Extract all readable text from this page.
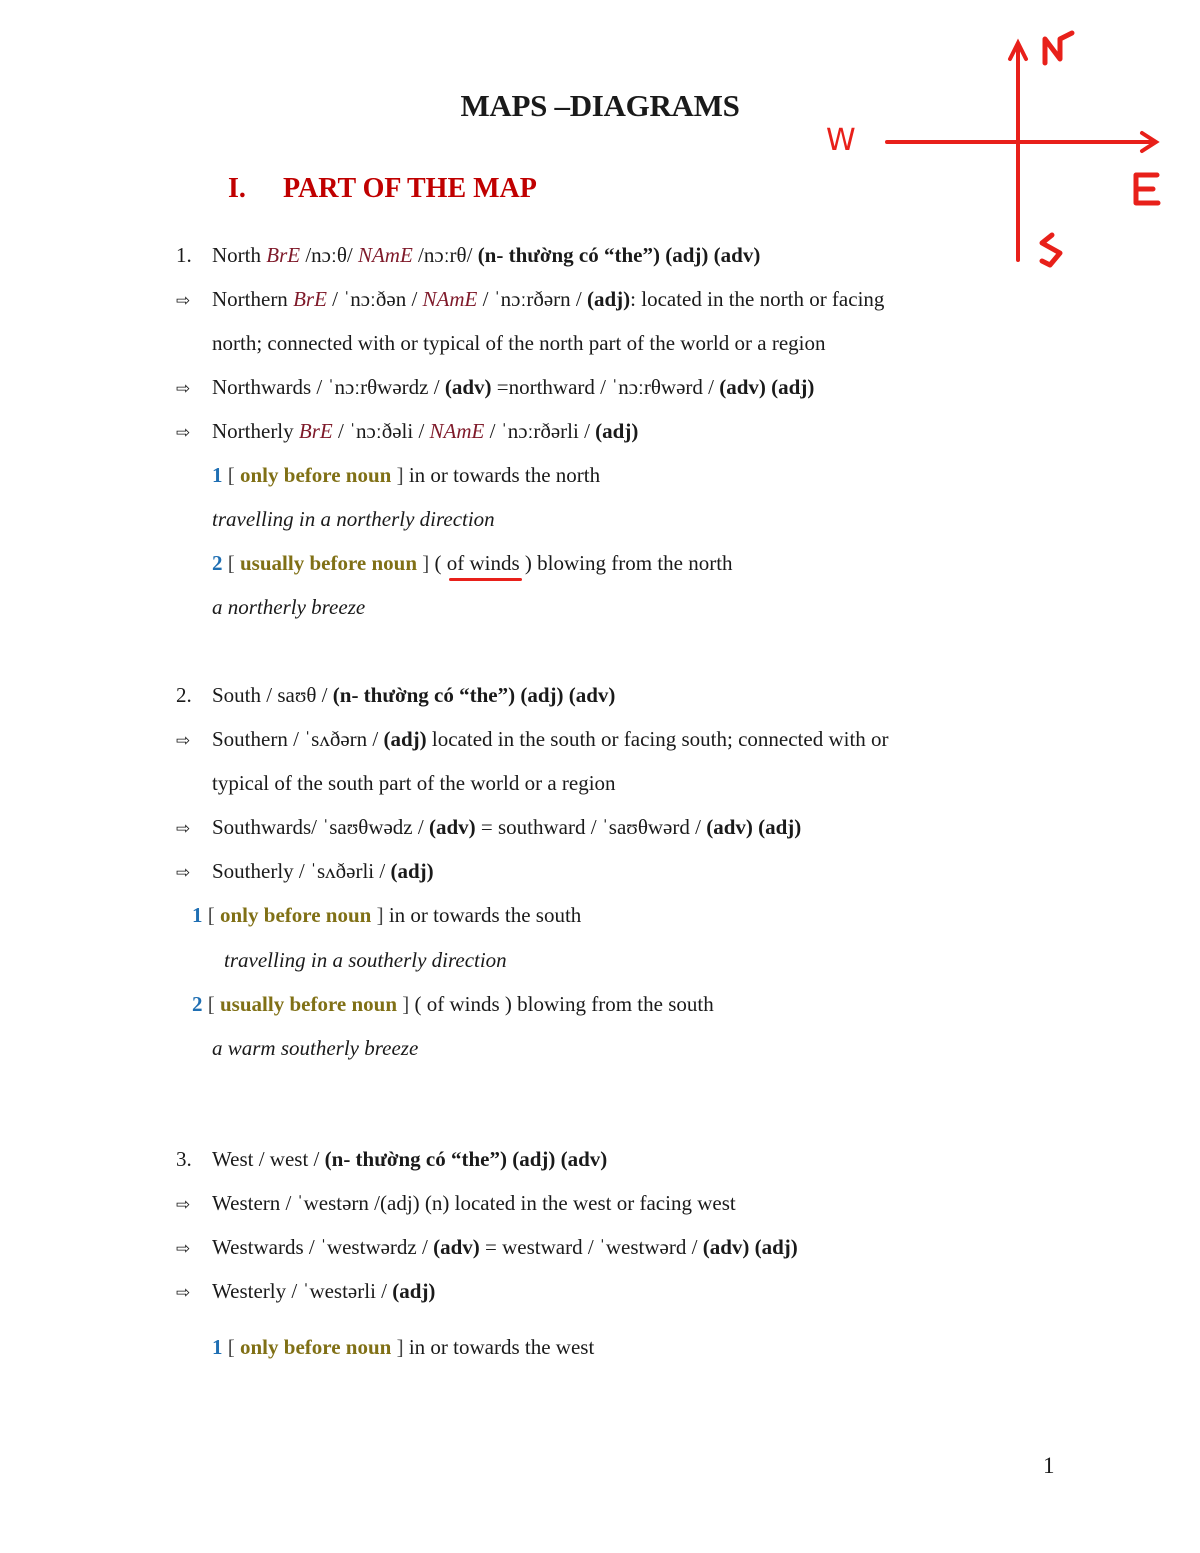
W
MAPS –DIAGRAMS
I. PART OF THE MAP
1. North BrE /nɔːθ/ NAmE /nɔːrθ/ (n- thường có “the”) (adj) (adv)
⇨ Northern BrE / ˈnɔːðən / NAmE / ˈnɔːrðərn / (adj): located in the north or facing
north; connected with or typical of the north part of the world or a region
⇨ Northwards / ˈnɔːrθwərdz / (adv) =northward / ˈnɔːrθwərd / (adv) (adj)
⇨ Northerly BrE / ˈnɔːðəli / NAmE / ˈnɔːrðərli / (adj)
1 [ only before noun ] in or towards the north
travelling in a northerly direction
2 [ usually before noun ] ( of winds ) blowing from the north
a northerly breeze
2. South / saʊθ / (n- thường có “the”) (adj) (adv)
⇨ Southern / ˈsʌðərn / (adj) located in the south or facing south; connected with or
typical of the south part of the world or a region
⇨ Southwards/ ˈsaʊθwədz / (adv) = southward / ˈsaʊθwərd / (adv) (adj)
⇨ Southerly / ˈsʌðərli / (adj)
1 [ only before noun ] in or towards the south
travelling in a southerly direction
2 [ usually before noun ] ( of winds ) blowing from the south
a warm southerly breeze
3. West / west / (n- thường có “the”) (adj) (adv)
⇨ Western / ˈwestərn /(adj) (n) located in the west or facing west
⇨ Westwards / ˈwestwərdz / (adv) = westward / ˈwestwərd / (adv) (adj)
⇨ Westerly / ˈwestərli / (adj)
1 [ only before noun ] in or towards the west
1
